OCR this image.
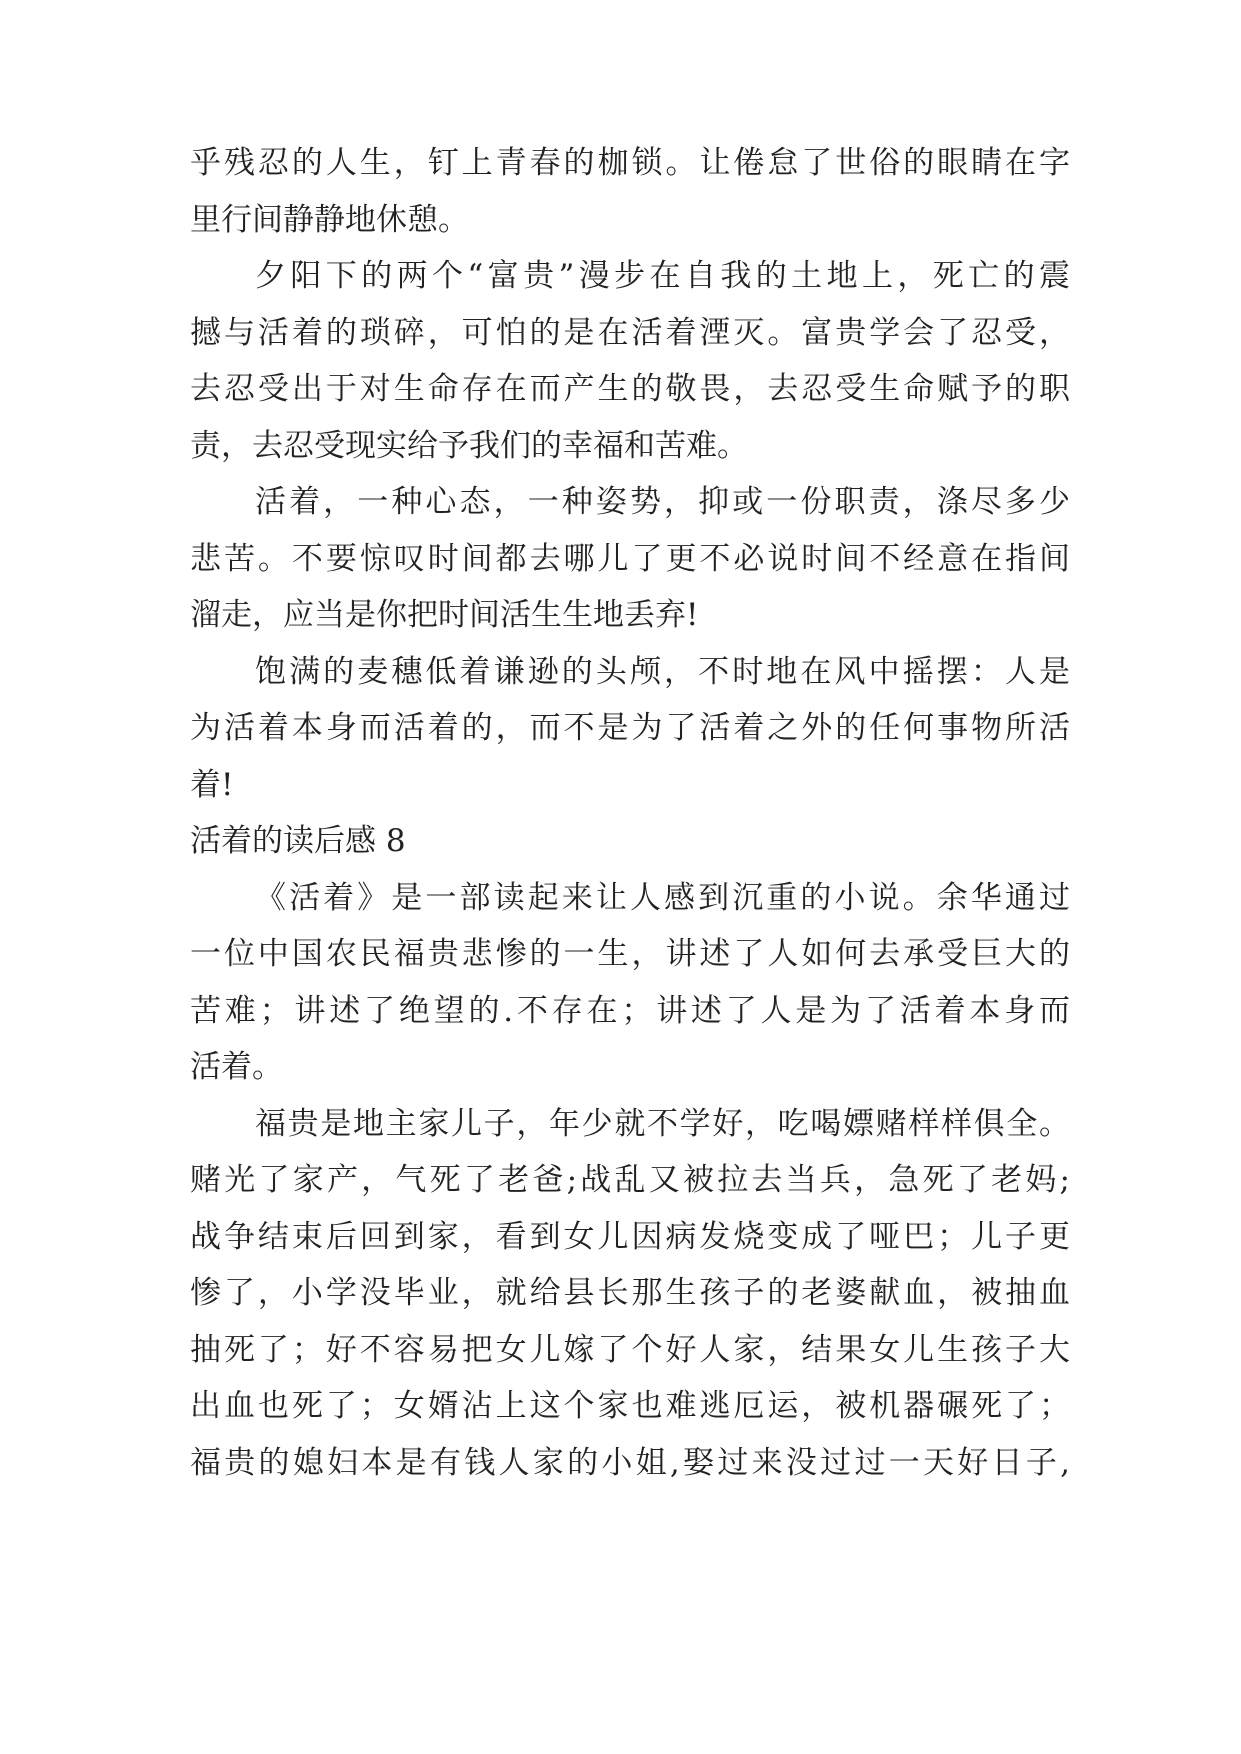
乎残忍的人生，钉上青春的枷锁。让倦怠了世俗的眼睛在字
里行间静静地休憩。
夕阳下的两个“富贵”漫步在自我的土地上，死亡的震
撼与活着的琐碎，可怕的是在活着湮灭。富贵学会了忍受，
去忍受出于对生命存在而产生的敬畏，去忍受生命赋予的职
责，去忍受现实给予我们的幸福和苦难。
活着，一种心态，一种姿势，抑或一份职责，涤尽多少
悲苦。不要惊叹时间都去哪儿了更不必说时间不经意在指间
溜走，应当是你把时间活生生地丢弃!
饱满的麦穗低着谦逊的头颅，不时地在风中摇摆：人是
为活着本身而活着的，而不是为了活着之外的任何事物所活
着!
活着的读后感 8
《活着》是一部读起来让人感到沉重的小说。余华通过
一位中国农民福贵悲惨的一生，讲述了人如何去承受巨大的
苦难；讲述了绝望的.不存在；讲述了人是为了活着本身而
活着。
福贵是地主家儿子，年少就不学好，吃喝嫖赌样样俱全。
赌光了家产，气死了老爸;战乱又被拉去当兵，急死了老妈;
战争结束后回到家，看到女儿因病发烧变成了哑巴；儿子更
惨了，小学没毕业，就给县长那生孩子的老婆献血，被抽血
抽死了；好不容易把女儿嫁了个好人家，结果女儿生孩子大
出血也死了；女婿沾上这个家也难逃厄运，被机器碾死了；
福贵的媳妇本是有钱人家的小姐,娶过来没过过一天好日子,
